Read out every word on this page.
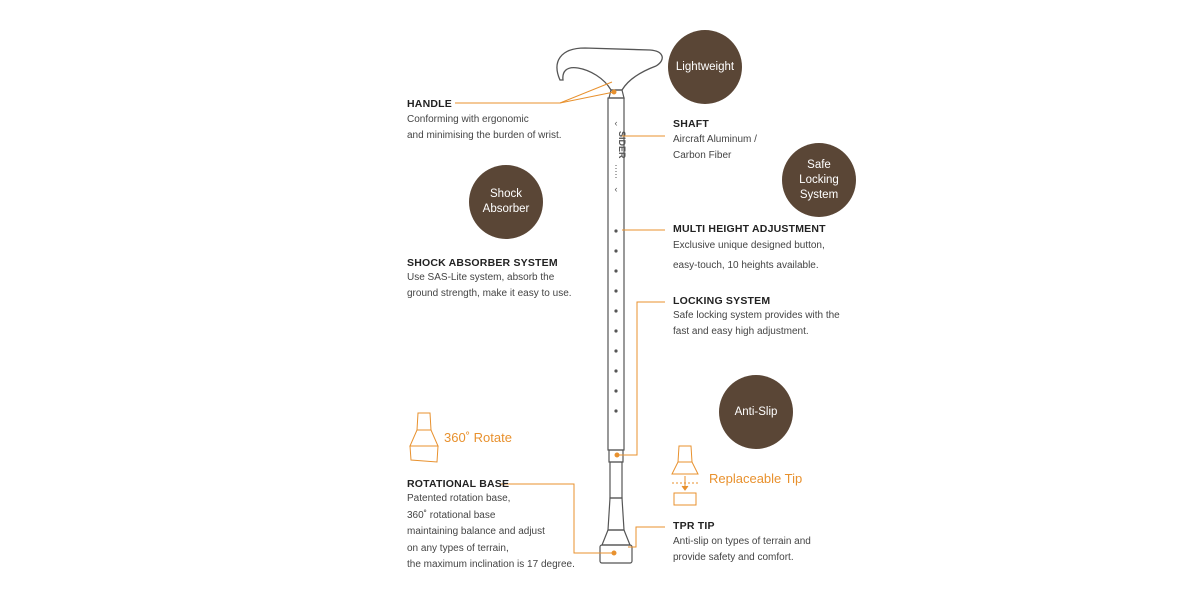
‹
SIDER
‹
Lightweight
Safe
Locking
System
Shock
Absorber
Anti-Slip
HANDLE
Conforming with ergonomic
and minimising the burden of wrist.
SHAFT
Aircraft Aluminum /
Carbon Fiber
MULTI HEIGHT ADJUSTMENT
Exclusive unique designed button,
easy-touch, 10 heights available.
SHOCK ABSORBER SYSTEM
Use SAS-Lite system, absorb the
ground strength, make it easy to use.
LOCKING SYSTEM
Safe locking system provides with the
fast and easy high adjustment.
360˚ Rotate
Replaceable Tip
ROTATIONAL BASE
Patented rotation base,
360˚ rotational base
maintaining balance and adjust
on any types of terrain,
the maximum inclination is 17 degree.
TPR TIP
Anti-slip on types of terrain and
provide safety and comfort.
